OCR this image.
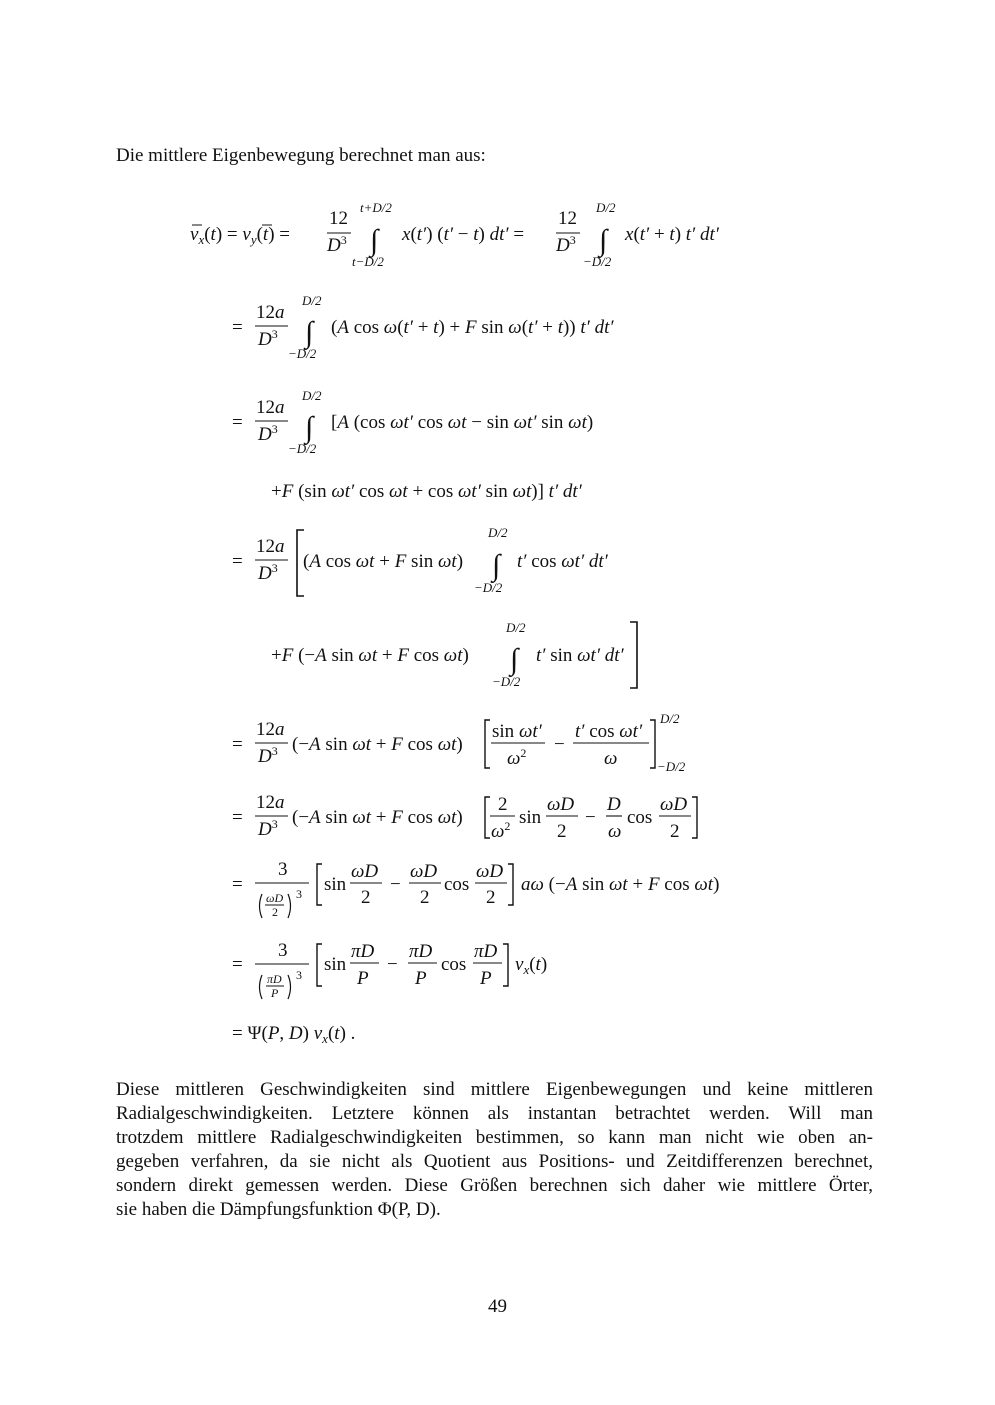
Die mittlere Eigenbewegung berechnet man aus:
$v_x(t) = v_y(t)$ =
12
$D^3$
t+D/2
∫
t−D/2
x(t′) (t′ − t) dt′ =
12
$D^3$
D/2
∫
−D/2
x(t′ + t) t′ dt′
=
12a
$D^3$
D/2
∫
−D/2
(A cos ω(t′ + t) + F sin ω(t′ + t)) t′ dt′
=
12a
$D^3$
D/2
∫
−D/2
[A (cos ωt′ cos ωt − sin ωt′ sin ωt)
+F (sin ωt′ cos ωt + cos ωt′ sin ωt)] t′ dt′
=
12a
$D^3$ (A cos ωt + F sin ωt)
D/2
∫
−D/2
t′ cos ωt′ dt′
+F (−A sin ωt + F cos ωt)
D/2
∫
−D/2
t′ sin ωt′ dt′
=
12a
$D^3$ (−A sin ωt + F cos ωt)
sin ωt′
$\omega^2$ −
t′ cos ωt′
ω
D/2
−D/2
=
12a
$D^3$ (−A sin ωt + F cos ωt)
2
$\omega^2$ sin
ωD
2
−
D
ω
cos
ωD
2
=
3
ωD
2
3 sin
ωD
2
−
ωD
2
cos
ωD
2
aω (−A sin ωt + F cos ωt)
=
3
πD
P
3 sin
πD
P
−
πD
P
cos
πD
P
$v_x(t)$
= Ψ(P, D) $v_x(t)$ .
Diese mittleren Geschwindigkeiten sind mittlere Eigenbewegungen und keine mittleren
Radialgeschwindigkeiten. Letztere können als instantan betrachtet werden. Will man
trotzdem mittlere Radialgeschwindigkeiten bestimmen, so kann man nicht wie oben an-
gegeben verfahren, da sie nicht als Quotient aus Positions- und Zeitdifferenzen berechnet,
sondern direkt gemessen werden. Diese Größen berechnen sich daher wie mittlere Örter,
sie haben die Dämpfungsfunktion Φ(P, D).
49
